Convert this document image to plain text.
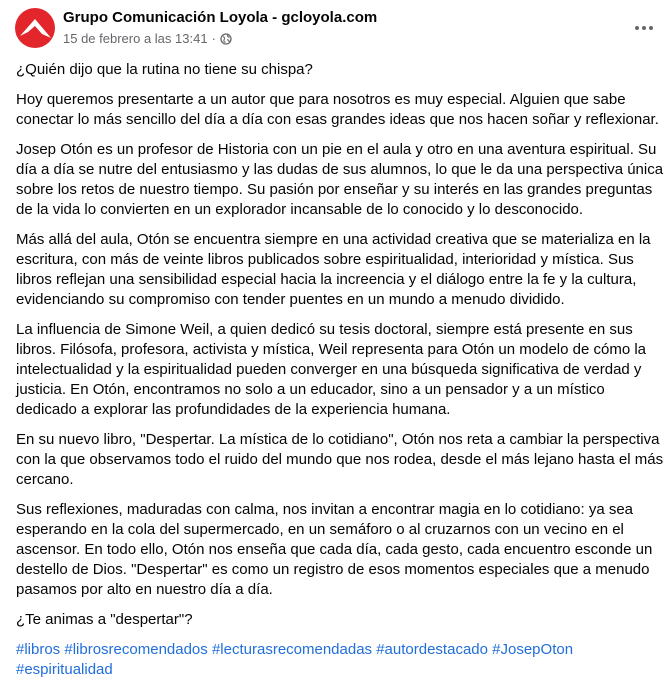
Grupo Comunicación Loyola - gcloyola.com
15 de febrero a las 13:41 ·

¿Quién dijo que la rutina no tiene su chispa?

Hoy queremos presentarte a un autor que para nosotros es muy especial. Alguien que sabe conectar lo más sencillo del día a día con esas grandes ideas que nos hacen soñar y reflexionar.

Josep Otón es un profesor de Historia con un pie en el aula y otro en una aventura espiritual. Su día a día se nutre del entusiasmo y las dudas de sus alumnos, lo que le da una perspectiva única sobre los retos de nuestro tiempo. Su pasión por enseñar y su interés en las grandes preguntas de la vida lo convierten en un explorador incansable de lo conocido y lo desconocido.

Más allá del aula, Otón se encuentra siempre en una actividad creativa que se materializa en la escritura, con más de veinte libros publicados sobre espiritualidad, interioridad y mística. Sus libros reflejan una sensibilidad especial hacia la increencia y el diálogo entre la fe y la cultura, evidenciando su compromiso con tender puentes en un mundo a menudo dividido.

La influencia de Simone Weil, a quien dedicó su tesis doctoral, siempre está presente en sus libros. Filósofa, profesora, activista y mística, Weil representa para Otón un modelo de cómo la intelectualidad y la espiritualidad pueden converger en una búsqueda significativa de verdad y justicia. En Otón, encontramos no solo a un educador, sino a un pensador y a un místico dedicado a explorar las profundidades de la experiencia humana.

En su nuevo libro, "Despertar. La mística de lo cotidiano", Otón nos reta a cambiar la perspectiva con la que observamos todo el ruido del mundo que nos rodea, desde el más lejano hasta el más cercano.

Sus reflexiones, maduradas con calma, nos invitan a encontrar magia en lo cotidiano: ya sea esperando en la cola del supermercado, en un semáforo o al cruzarnos con un vecino en el ascensor. En todo ello, Otón nos enseña que cada día, cada gesto, cada encuentro esconde un destello de Dios. "Despertar" es como un registro de esos momentos especiales que a menudo pasamos por alto en nuestro día a día.

¿Te animas a "despertar"?

#libros #librosrecomendados #lecturasrecomendadas #autordestacado #JosepOton #espiritualidad
